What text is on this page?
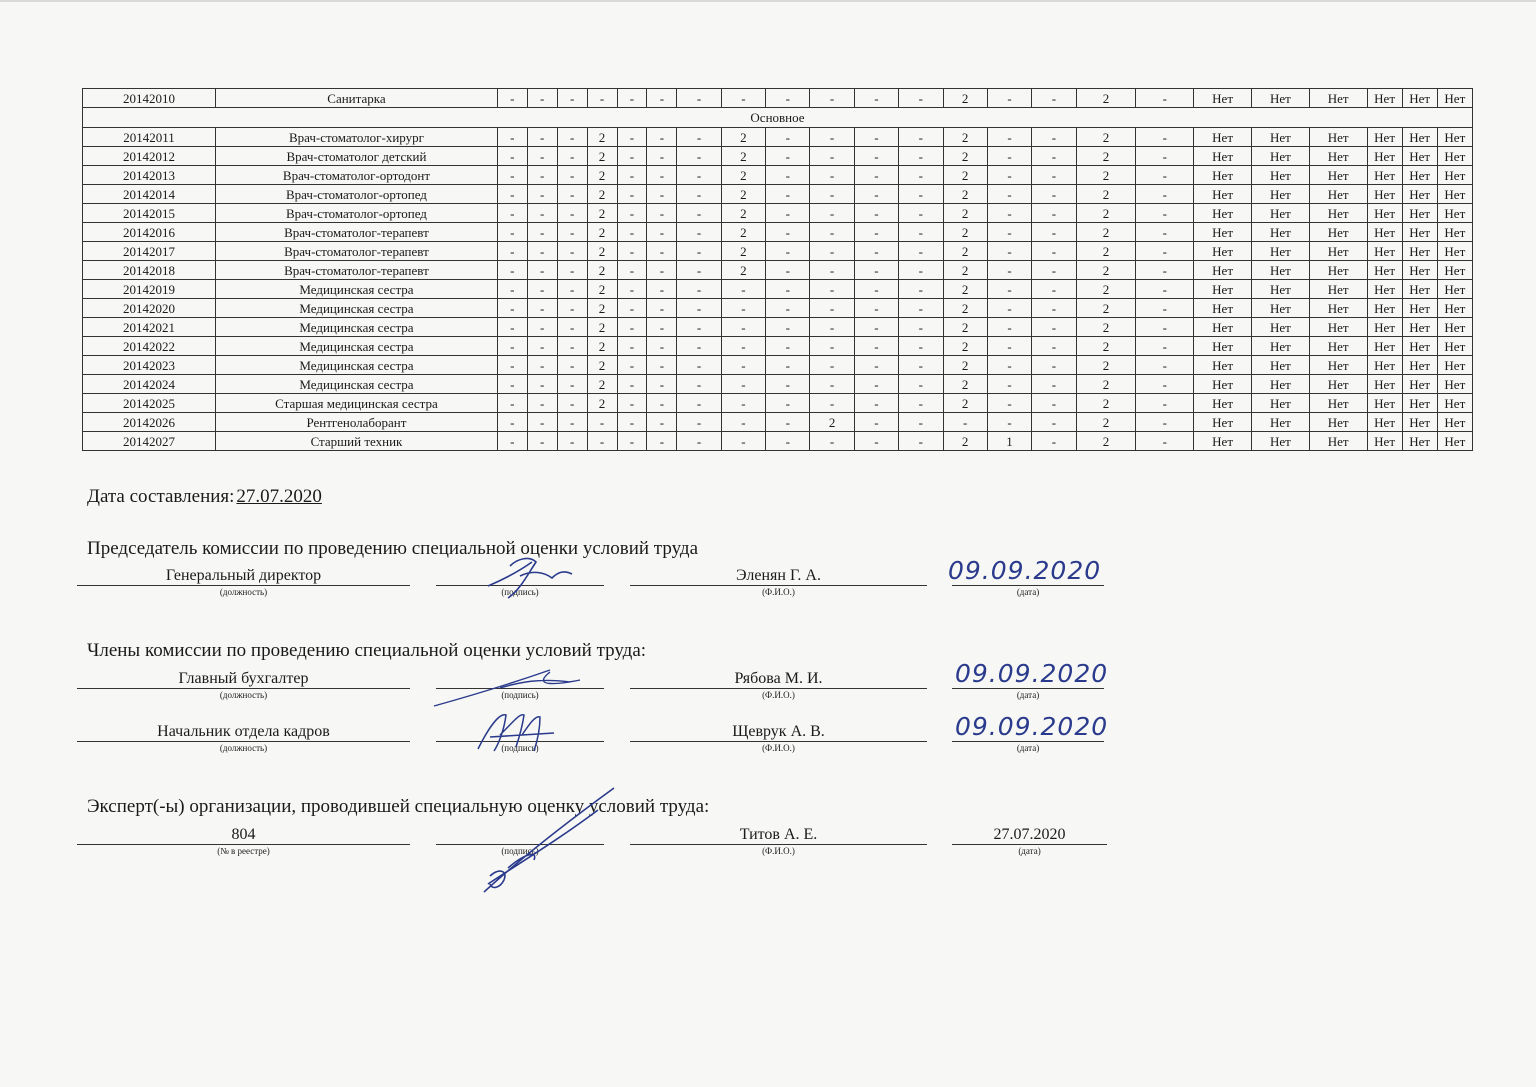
20142010	Санитарка	-	-	-	-	-	-	-	-	-	-	-	-	2	-	-	2	-	Нет	Нет	Нет	Нет	Нет	Нет
Основное																								
20142011	Врач-стоматолог-хирург	-	-	-	2	-	-	-	2	-	-	-	-	2	-	-	2	-	Нет	Нет	Нет	Нет	Нет	Нет
20142012	Врач-стоматолог детский	-	-	-	2	-	-	-	2	-	-	-	-	2	-	-	2	-	Нет	Нет	Нет	Нет	Нет	Нет
20142013	Врач-стоматолог-ортодонт	-	-	-	2	-	-	-	2	-	-	-	-	2	-	-	2	-	Нет	Нет	Нет	Нет	Нет	Нет
20142014	Врач-стоматолог-ортопед	-	-	-	2	-	-	-	2	-	-	-	-	2	-	-	2	-	Нет	Нет	Нет	Нет	Нет	Нет
20142015	Врач-стоматолог-ортопед	-	-	-	2	-	-	-	2	-	-	-	-	2	-	-	2	-	Нет	Нет	Нет	Нет	Нет	Нет
20142016	Врач-стоматолог-терапевт	-	-	-	2	-	-	-	2	-	-	-	-	2	-	-	2	-	Нет	Нет	Нет	Нет	Нет	Нет
20142017	Врач-стоматолог-терапевт	-	-	-	2	-	-	-	2	-	-	-	-	2	-	-	2	-	Нет	Нет	Нет	Нет	Нет	Нет
20142018	Врач-стоматолог-терапевт	-	-	-	2	-	-	-	2	-	-	-	-	2	-	-	2	-	Нет	Нет	Нет	Нет	Нет	Нет
20142019	Медицинская сестра	-	-	-	2	-	-	-	-	-	-	-	-	2	-	-	2	-	Нет	Нет	Нет	Нет	Нет	Нет
20142020	Медицинская сестра	-	-	-	2	-	-	-	-	-	-	-	-	2	-	-	2	-	Нет	Нет	Нет	Нет	Нет	Нет
20142021	Медицинская сестра	-	-	-	2	-	-	-	-	-	-	-	-	2	-	-	2	-	Нет	Нет	Нет	Нет	Нет	Нет
20142022	Медицинская сестра	-	-	-	2	-	-	-	-	-	-	-	-	2	-	-	2	-	Нет	Нет	Нет	Нет	Нет	Нет
20142023	Медицинская сестра	-	-	-	2	-	-	-	-	-	-	-	-	2	-	-	2	-	Нет	Нет	Нет	Нет	Нет	Нет
20142024	Медицинская сестра	-	-	-	2	-	-	-	-	-	-	-	-	2	-	-	2	-	Нет	Нет	Нет	Нет	Нет	Нет
20142025	Старшая медицинская сестра	-	-	-	2	-	-	-	-	-	-	-	-	2	-	-	2	-	Нет	Нет	Нет	Нет	Нет	Нет
20142026	Рентгенолаборант	-	-	-	-	-	-	-	-	-	2	-	-	-	-	-	2	-	Нет	Нет	Нет	Нет	Нет	Нет
20142027	Старший техник	-	-	-	-	-	-	-	-	-	-	-	-	2	1	-	2	-	Нет	Нет	Нет	Нет	Нет	Нет
Дата составления: 27.07.2020
Председатель комиссии по проведению специальной оценки условий труда
Генеральный директор
(должность)	(подпись)
Эленян Г. А.
(Ф.И.О.)	(дата)
09.09.2020
Члены комиссии по проведению специальной оценки условий труда:
Главный бухгалтер
(должность)	(подпись)
Рябова М. И.
(Ф.И.О.)	(дата)
09.09.2020
Начальник отдела кадров
(должность)	(подпись)
Щеврук А. В.
(Ф.И.О.)	(дата)
09.09.2020
Эксперт(-ы) организации, проводившей специальную оценку условий труда:
804
(№ в реестре)	(подпись)
Титов А. Е.
(Ф.И.О.)
27.07.2020
(дата)
